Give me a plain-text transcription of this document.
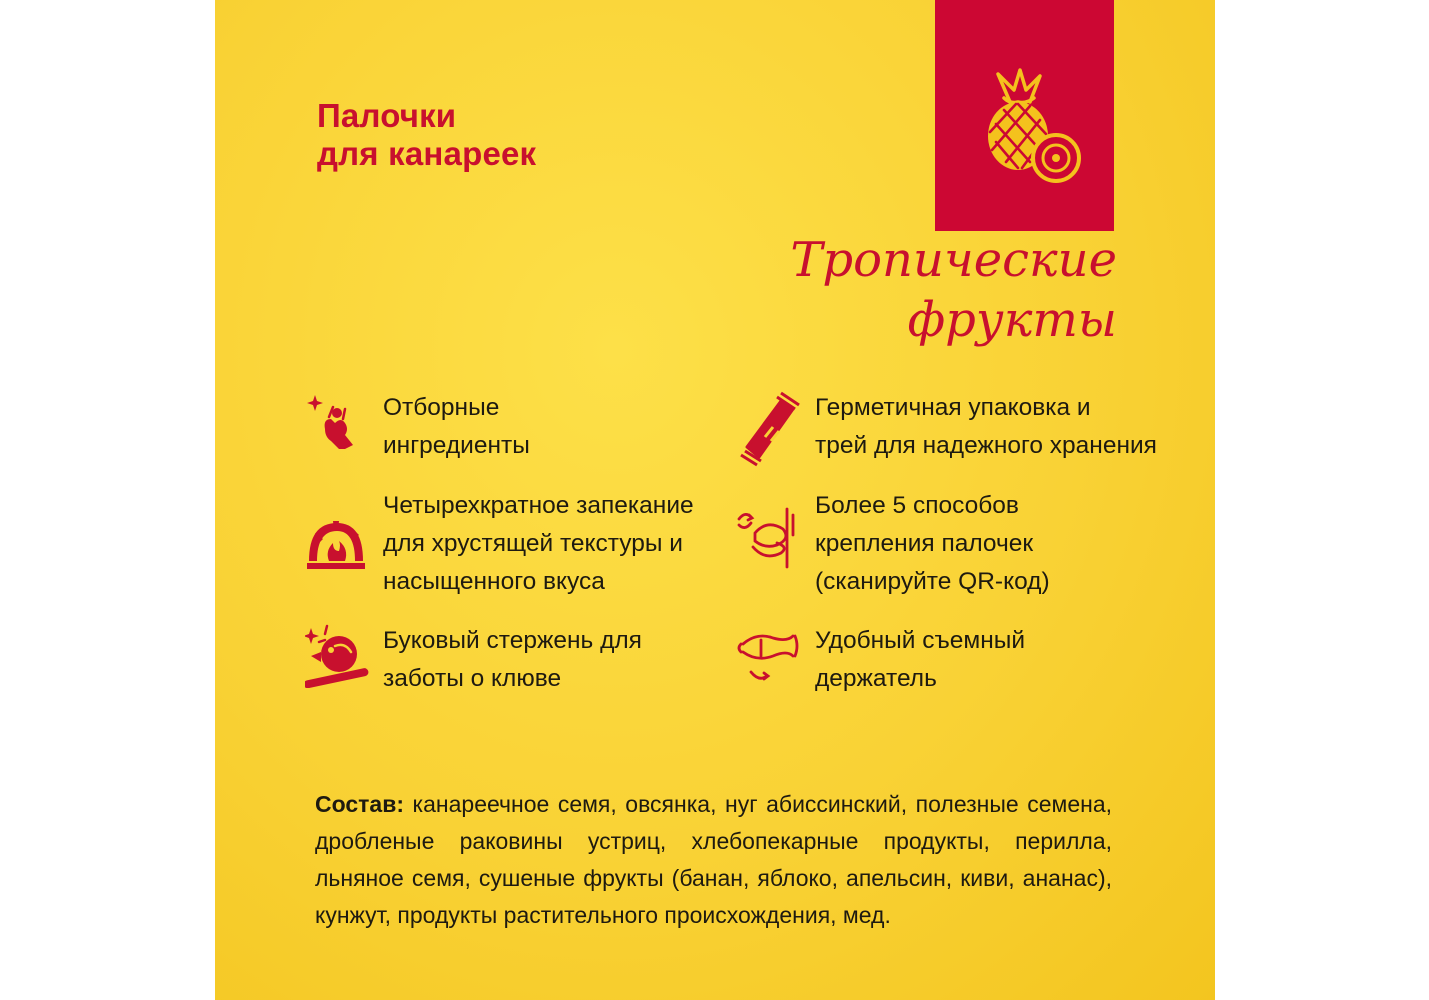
Палочки
для канареек
Тропические фрукты
Отборные
ингредиенты
Четырехкратное запекание
для хрустящей текстуры и
насыщенного вкуса
Буковый стержень для
заботы о клюве
Герметичная упаковка и
трей для надежного хранения
Более 5 способов
крепления палочек
(сканируйте QR-код)
Удобный съемный
держатель
Состав: канареечное семя, овсянка, нуг абиссинский, полезные семена, дробленые раковины устриц, хлебопекарные продукты, перилла, льняное семя, сушеные фрукты (банан, яблоко, апельсин, киви, ананас), кунжут, продукты растительного происхождения, мед.
